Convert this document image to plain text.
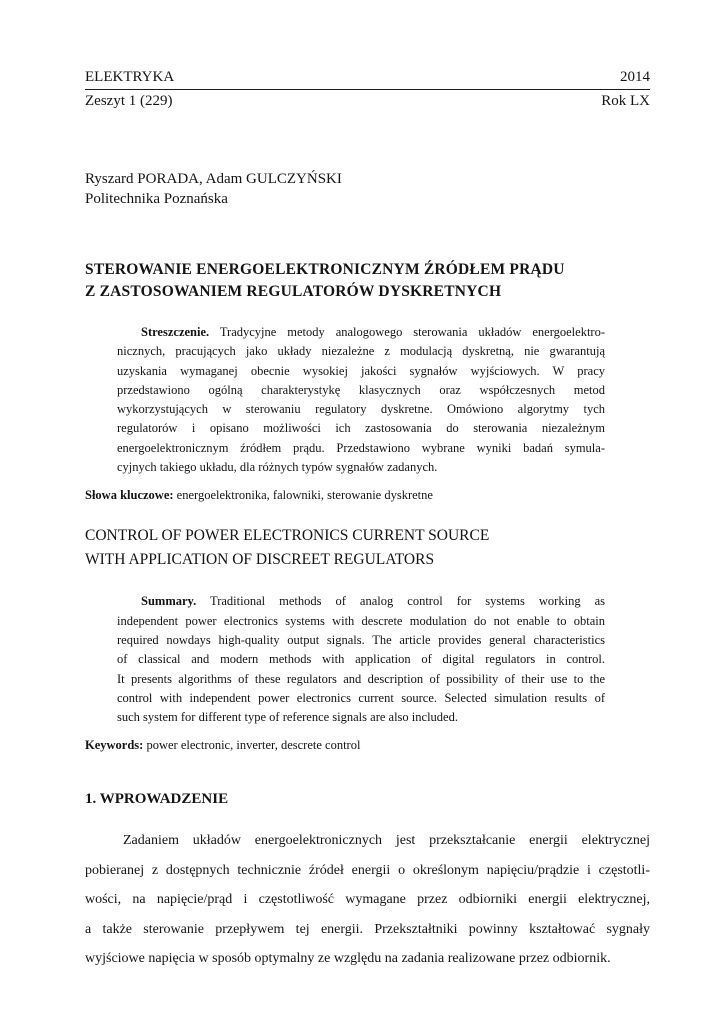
ELEKTRYKA	2014
Zeszyt 1 (229)	Rok LX
Ryszard PORADA, Adam GULCZYŃSKI
Politechnika Poznańska
STEROWANIE ENERGOELEKTRONICZNYM ŹRÓDŁEM PRĄDU
Z ZASTOSOWANIEM REGULATORÓW DYSKRETNYCH
Streszczenie. Tradycyjne metody analogowego sterowania układów energoelektro-
nicznych, pracujących jako układy niezależne z modulacją dyskretną, nie gwarantują
uzyskania wymaganej obecnie wysokiej jakości sygnałów wyjściowych. W pracy
przedstawiono ogólną charakterystykę klasycznych oraz współczesnych metod
wykorzystujących w sterowaniu regulatory dyskretne. Omówiono algorytmy tych
regulatorów i opisano możliwości ich zastosowania do sterowania niezależnym
energoelektronicznym źródłem prądu. Przedstawiono wybrane wyniki badań symula-
cyjnych takiego układu, dla różnych typów sygnałów zadanych.
Słowa kluczowe: energoelektronika, falowniki, sterowanie dyskretne
CONTROL OF POWER ELECTRONICS CURRENT SOURCE
WITH APPLICATION OF DISCREET REGULATORS
Summary. Traditional methods of analog control for systems working as
independent power electronics systems with descrete modulation do not enable to obtain
required nowdays high-quality output signals. The article provides general characteristics
of classical and modern methods with application of digital regulators in control.
It presents algorithms of these regulators and description of possibility of their use to the
control with independent power electronics current source. Selected simulation results of
such system for different type of reference signals are also included.
Keywords: power electronic, inverter, descrete control
1. WPROWADZENIE
Zadaniem układów energoelektronicznych jest przekształcanie energii elektrycznej
pobieranej z dostępnych technicznie źródeł energii o określonym napięciu/prądzie i częstotli-
wości, na napięcie/prąd i częstotliwość wymagane przez odbiorniki energii elektrycznej,
a także sterowanie przepływem tej energii. Przekształtniki powinny kształtować sygnały
wyjściowe napięcia w sposób optymalny ze względu na zadania realizowane przez odbiornik.
